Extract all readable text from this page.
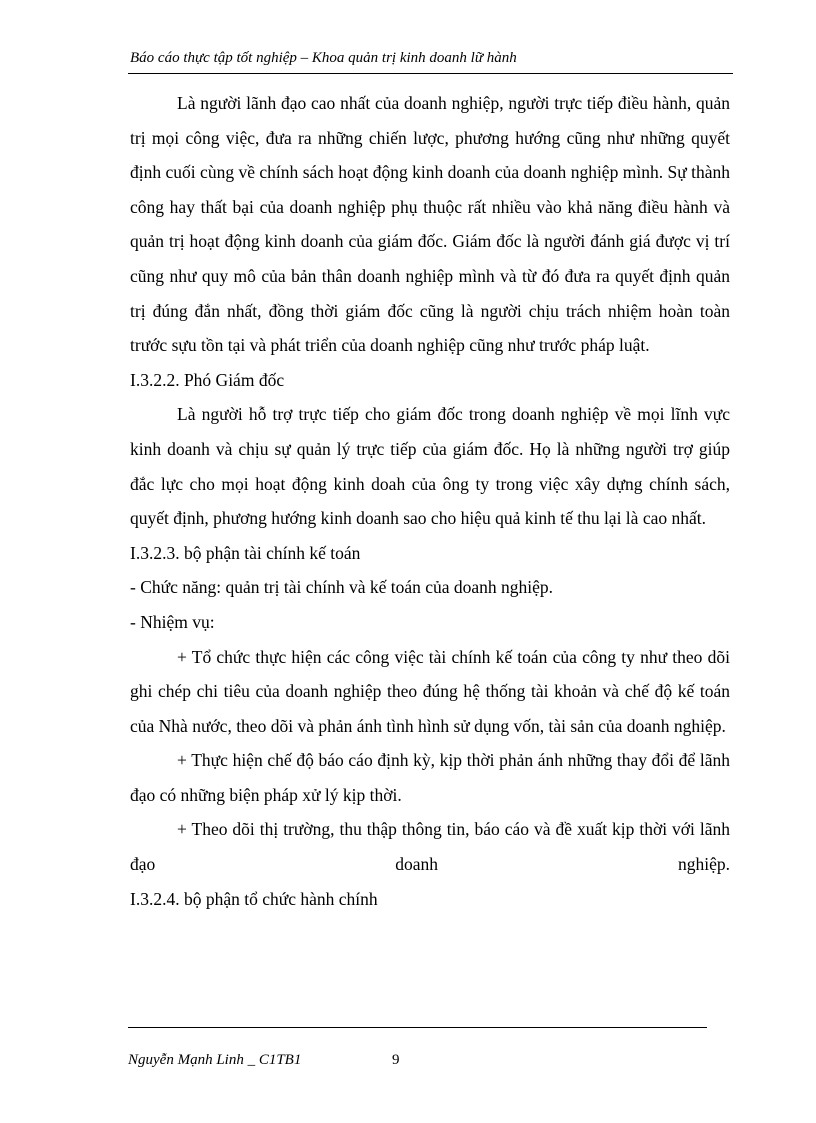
Báo cáo thực tập tốt nghiệp – Khoa quản trị kinh doanh lữ hành

Là người lãnh đạo cao nhất của doanh nghiệp, người trực tiếp điều hành, quản trị mọi công việc, đưa ra những chiến lược, phương hướng cũng như những quyết định cuối cùng về chính sách hoạt động kinh doanh của doanh nghiệp mình. Sự thành công hay thất bại của doanh nghiệp phụ thuộc rất nhiều vào khả năng điều hành và quản trị hoạt động kinh doanh của giám đốc. Giám đốc là người đánh giá được vị trí cũng như quy mô của bản thân doanh nghiệp mình và từ đó đưa ra quyết định quản trị đúng đắn nhất, đồng thời giám đốc cũng là người chịu trách nhiệm hoàn toàn trước sựu tồn tại và phát triển của doanh nghiệp cũng như trước pháp luật.

I.3.2.2. Phó Giám đốc

Là người hỗ trợ trực tiếp cho giám đốc trong doanh nghiệp về mọi lĩnh vực kinh doanh và chịu sự quản lý trực tiếp của giám đốc. Họ là những người trợ giúp đắc lực cho mọi hoạt động kinh doah của ông ty trong việc xây dựng chính sách, quyết định, phương hướng kinh doanh sao cho hiệu quả kinh tế thu lại là cao nhất.

I.3.2.3. bộ phận tài chính kế toán

- Chức năng: quản trị tài chính và kế toán của doanh nghiệp.

- Nhiệm vụ:

+ Tổ chức thực hiện các công việc tài chính kế toán của công ty như theo dõi ghi chép chi tiêu của doanh nghiệp theo đúng hệ thống tài khoản và chế độ kế toán của Nhà nước, theo dõi và phản ánh tình hình sử dụng vốn, tài sản của doanh nghiệp.

+ Thực hiện chế độ báo cáo định kỳ, kịp thời phản ánh những thay đổi để lãnh đạo có những biện pháp xử lý kịp thời.

+ Theo dõi thị trường, thu thập thông tin, báo cáo và đề xuất kịp thời với lãnh đạo doanh nghiệp.

I.3.2.4. bộ phận tổ chức hành chính

Nguyễn Mạnh Linh _ C1TB1	9
